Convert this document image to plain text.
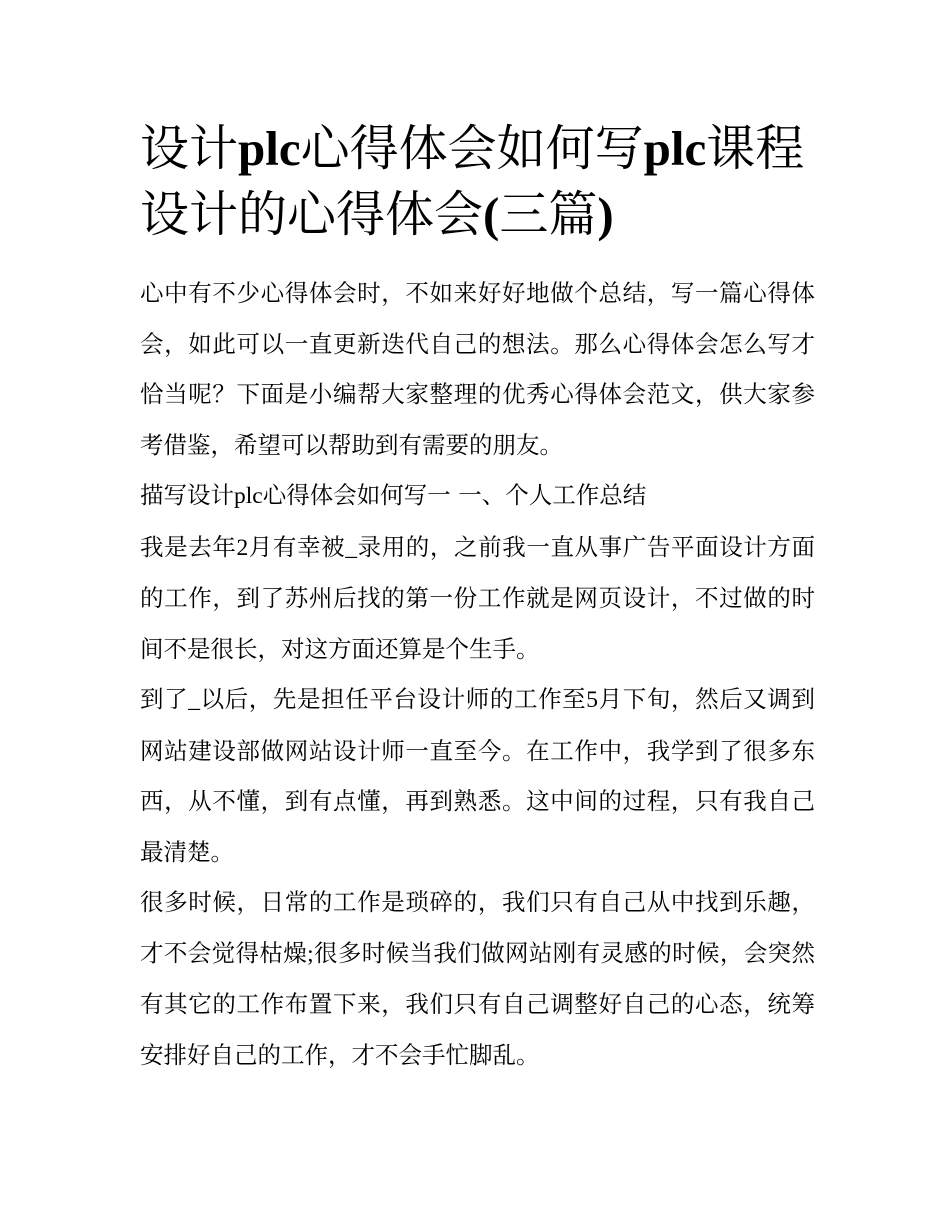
设计plc心得体会如何写plc课程设计的心得体会(三篇)

心中有不少心得体会时，不如来好好地做个总结，写一篇心得体会，如此可以一直更新迭代自己的想法。那么心得体会怎么写才恰当呢？下面是小编帮大家整理的优秀心得体会范文，供大家参考借鉴，希望可以帮助到有需要的朋友。

描写设计plc心得体会如何写一 一、个人工作总结

我是去年2月有幸被_录用的，之前我一直从事广告平面设计方面的工作，到了苏州后找的第一份工作就是网页设计，不过做的时间不是很长，对这方面还算是个生手。

到了_以后，先是担任平台设计师的工作至5月下旬，然后又调到网站建设部做网站设计师一直至今。在工作中，我学到了很多东西，从不懂，到有点懂，再到熟悉。这中间的过程，只有我自己最清楚。

很多时候，日常的工作是琐碎的，我们只有自己从中找到乐趣，才不会觉得枯燥;很多时候当我们做网站刚有灵感的时候，会突然有其它的工作布置下来，我们只有自己调整好自己的心态，统筹安排好自己的工作，才不会手忙脚乱。
